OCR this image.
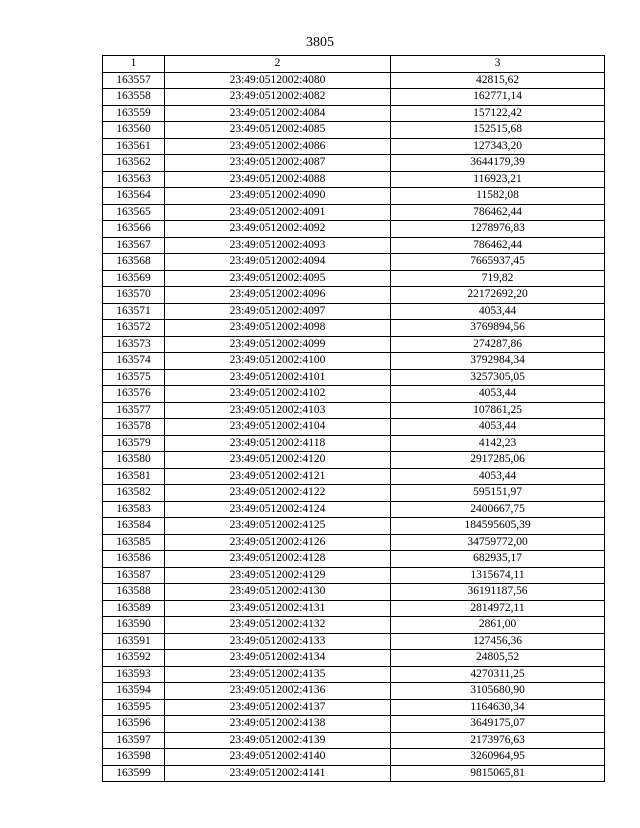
3805
1	2	3
163557	23:49:0512002:4080	42815,62
163558	23:49:0512002:4082	162771,14
163559	23:49:0512002:4084	157122,42
163560	23:49:0512002:4085	152515,68
163561	23:49:0512002:4086	127343,20
163562	23:49:0512002:4087	3644179,39
163563	23:49:0512002:4088	116923,21
163564	23:49:0512002:4090	11582,08
163565	23:49:0512002:4091	786462,44
163566	23:49:0512002:4092	1278976,83
163567	23:49:0512002:4093	786462,44
163568	23:49:0512002:4094	7665937,45
163569	23:49:0512002:4095	719,82
163570	23:49:0512002:4096	22172692,20
163571	23:49:0512002:4097	4053,44
163572	23:49:0512002:4098	3769894,56
163573	23:49:0512002:4099	274287,86
163574	23:49:0512002:4100	3792984,34
163575	23:49:0512002:4101	3257305,05
163576	23:49:0512002:4102	4053,44
163577	23:49:0512002:4103	107861,25
163578	23:49:0512002:4104	4053,44
163579	23:49:0512002:4118	4142,23
163580	23:49:0512002:4120	2917285,06
163581	23:49:0512002:4121	4053,44
163582	23:49:0512002:4122	595151,97
163583	23:49:0512002:4124	2400667,75
163584	23:49:0512002:4125	184595605,39
163585	23:49:0512002:4126	34759772,00
163586	23:49:0512002:4128	682935,17
163587	23:49:0512002:4129	1315674,11
163588	23:49:0512002:4130	36191187,56
163589	23:49:0512002:4131	2814972,11
163590	23:49:0512002:4132	2861,00
163591	23:49:0512002:4133	127456,36
163592	23:49:0512002:4134	24805,52
163593	23:49:0512002:4135	4270311,25
163594	23:49:0512002:4136	3105680,90
163595	23:49:0512002:4137	1164630,34
163596	23:49:0512002:4138	3649175,07
163597	23:49:0512002:4139	2173976,63
163598	23:49:0512002:4140	3260964,95
163599	23:49:0512002:4141	9815065,81
